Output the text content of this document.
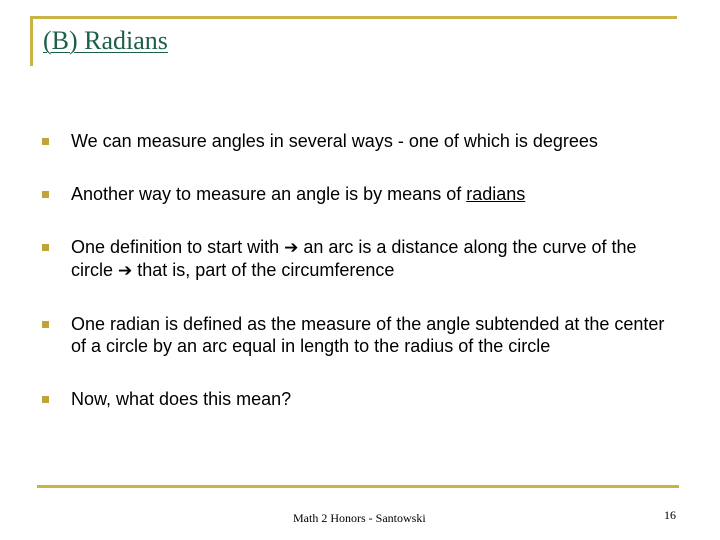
(B) Radians
We can measure angles in several ways - one of which is degrees
Another way to measure an angle is by means of radians
One definition to start with ➔ an arc is a distance along the curve of the circle ➔ that is, part of the circumference
One radian is defined as the measure of the angle subtended at the center of a circle by an arc equal in length to the radius of the circle
Now, what does this mean?
Math 2 Honors - Santowski	16
